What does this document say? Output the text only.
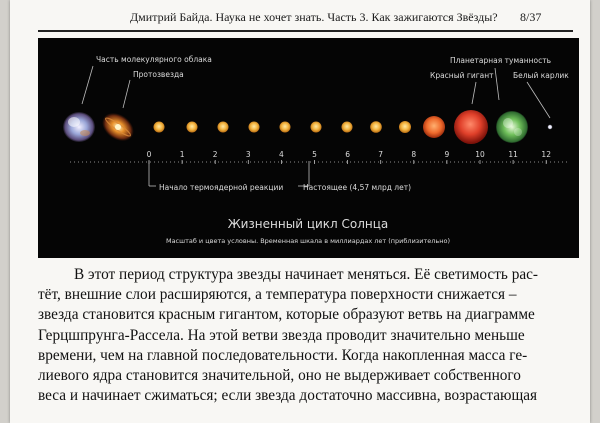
Дмитрий Байда. Наука не хочет знать. Часть 3. Как зажигаются Звёзды? 8/37
Часть молекулярного облака
Протозвезда
Планетарная туманность
Красный гигант	Белый карлик
Начало термоядерной реакции	Настоящее (4,57 млрд лет)
0	1	2	3	4	5	6	7	8	9	10	11	12
Жизненный цикл Солнца
Масштаб и цвета условны. Временная шкала в миллиардах лет (приблизительно)

В этот период структура звезды начинает меняться. Её светимость рас-
тёт, внешние слои расширяются, а температура поверхности снижается –
звезда становится красным гигантом, которые образуют ветвь на диаграмме
Герцшпрунга-Рассела. На этой ветви звезда проводит значительно меньше
времени, чем на главной последовательности. Когда накопленная масса ге-
лиевого ядра становится значительной, оно не выдерживает собственного
веса и начинает сжиматься; если звезда достаточно массивна, возрастающая
